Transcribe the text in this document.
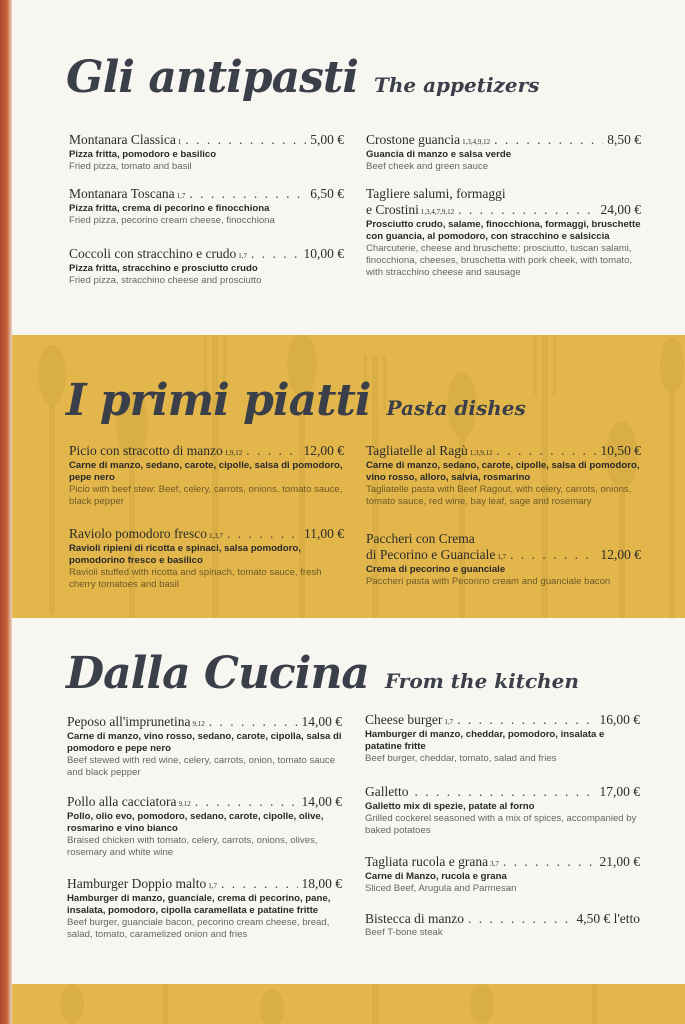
Gli antipasti The appetizers
Montanara Classica 1 . . .	5,00 €
Pizza fritta, pomodoro e basilico
Fried pizza, tomato and basil
Montanara Toscana 1,7 . . .	6,50 €
Pizza fritta, crema di pecorino e finocchiona
Fried pizza, pecorino cream cheese, finocchiona
Coccoli con stracchino e crudo 1,7 . . .	10,00 €
Pizza fritta, stracchino e prosciutto crudo
Fried pizza, stracchino cheese and prosciutto
Crostone guancia 1,3,4,9,12 . . .	8,50 €
Guancia di manzo e salsa verde
Beef cheek and green sauce
Tagliere salumi, formaggi
e Crostini 1,3,4,7,9,12 . . .	24,00 €
Prosciutto crudo, salame, finocchiona, formaggi, bruschette con guancia, al pomodoro, con stracchino e salsiccia
Charcuterie, cheese and bruschette: prosciutto, tuscan salami, finocchiona, cheeses, bruschetta with pork cheek, with tomato, with stracchino cheese and sausage
I primi piatti Pasta dishes
Picio con stracotto di manzo 1,9,12 . . .	12,00 €
Carne di manzo, sedano, carote, cipolle, salsa di pomodoro, pepe nero
Picio with beef stew: Beef, celery, carrots, onions, tomato sauce, black pepper
Raviolo pomodoro fresco 1,3,7 . . .	11,00 €
Ravioli ripieni di ricotta e spinaci, salsa pomodoro, pomodorino fresco e basilico
Ravioli stuffed with ricotta and spinach, tomato sauce, fresh cherry tomatoes and basil
Tagliatelle al Ragù 1,3,9,12 . . .	10,50 €
Carne di manzo, sedano, carote, cipolle, salsa di pomodoro, vino rosso, alloro, salvia, rosmarino
Tagliatelle pasta with Beef Ragout, with celery, carrots, onions, tomato sauce, red wine, bay leaf, sage and rosemary
Paccheri con Crema
di Pecorino e Guanciale 1,7 . . .	12,00 €
Crema di pecorino e guanciale
Paccheri pasta with Pecorino cream and guanciale bacon
Dalla Cucina From the kitchen
Peposo all'imprunetina 9,12 . . .	14,00 €
Carne di manzo, vino rosso, sedano, carote, cipolla, salsa di pomodoro e pepe nero
Beef stewed with red wine, celery, carrots, onion, tomato sauce and black pepper
Pollo alla cacciatora 9,12 . . .	14,00 €
Pollo, olio evo, pomodoro, sedano, carote, cipolle, olive, rosmarino e vino bianco
Braised chicken with tomato, celery, carrots, onions, olives, rosemary and white wine
Hamburger Doppio malto 1,7 . . .	18,00 €
Hamburger di manzo, guanciale, crema di pecorino, pane, insalata, pomodoro, cipolla caramellata e patatine fritte
Beef burger, guanciale bacon, pecorino cream cheese, bread, salad, tomato, caramelized onion and fries
Cheese burger 1,7 . . .	16,00 €
Hamburger di manzo, cheddar, pomodoro, insalata e patatine fritte
Beef burger, cheddar, tomato, salad and fries
Galletto . . .	17,00 €
Galletto mix di spezie, patate al forno
Grilled cockerel seasoned with a mix of spices, accompanied by baked potatoes
Tagliata rucola e grana 3,7 . . .	21,00 €
Carne di Manzo, rucola e grana
Sliced Beef, Arugula and Parmesan
Bistecca di manzo . . .	4,50 € l'etto
Beef T-bone steak
